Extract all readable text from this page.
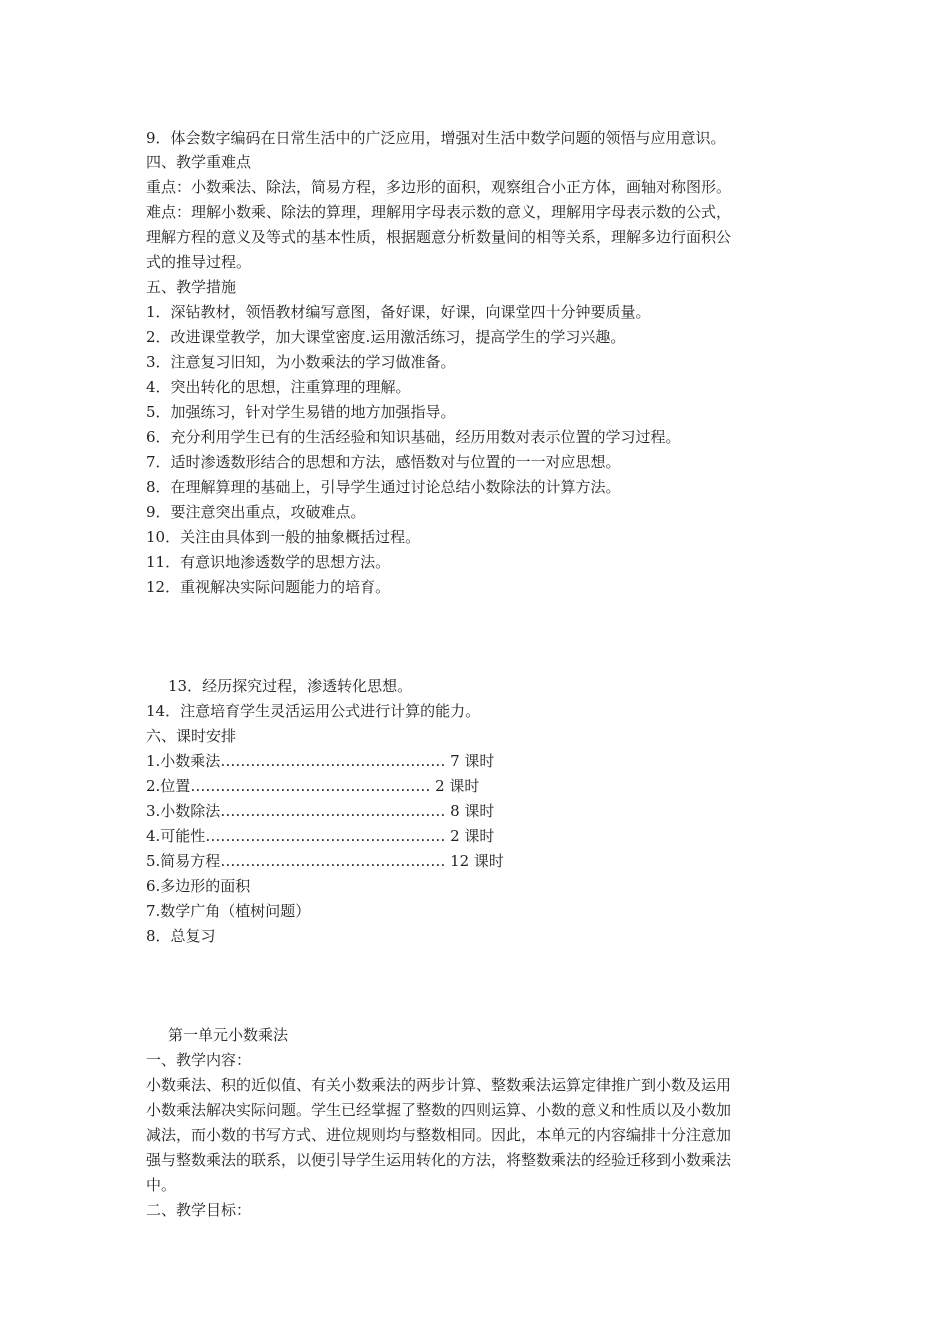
9．体会数字编码在日常生活中的广泛应用，增强对生活中数学问题的领悟与应用意识。
四、教学重难点
重点：小数乘法、除法，简易方程，多边形的面积，观察组合小正方体，画轴对称图形。
难点：理解小数乘、除法的算理，理解用字母表示数的意义，理解用字母表示数的公式，
理解方程的意义及等式的基本性质，根据题意分析数量间的相等关系，理解多边行面积公
式的推导过程。
五、教学措施
1．深钻教材，领悟教材编写意图，备好课，好课，向课堂四十分钟要质量。
2．改进课堂教学，加大课堂密度.运用激活练习，提高学生的学习兴趣。
3．注意复习旧知，为小数乘法的学习做准备。
4．突出转化的思想，注重算理的理解。
5．加强练习，针对学生易错的地方加强指导。
6．充分利用学生已有的生活经验和知识基础，经历用数对表示位置的学习过程。
7．适时渗透数形结合的思想和方法，感悟数对与位置的一一对应思想。
8．在理解算理的基础上，引导学生通过讨论总结小数除法的计算方法。
9．要注意突出重点，攻破难点。
10．关注由具体到一般的抽象概括过程。
11．有意识地渗透数学的思想方法。
12．重视解决实际问题能力的培育。
13．经历探究过程，渗透转化思想。
14．注意培育学生灵活运用公式进行计算的能力。
六、课时安排
1.小数乘法……………………………………… 7 课时
2.位置………………………………………… 2 课时
3.小数除法……………………………………… 8 课时
4.可能性………………………………………… 2 课时
5.简易方程……………………………………… 12 课时
6.多边形的面积
7.数学广角（植树问题）
8．总复习
第一单元小数乘法
一、教学内容：
小数乘法、积的近似值、有关小数乘法的两步计算、整数乘法运算定律推广到小数及运用
小数乘法解决实际问题。学生已经掌握了整数的四则运算、小数的意义和性质以及小数加
减法，而小数的书写方式、进位规则均与整数相同。因此，本单元的内容编排十分注意加
强与整数乘法的联系，以便引导学生运用转化的方法，将整数乘法的经验迁移到小数乘法
中。
二、教学目标：
